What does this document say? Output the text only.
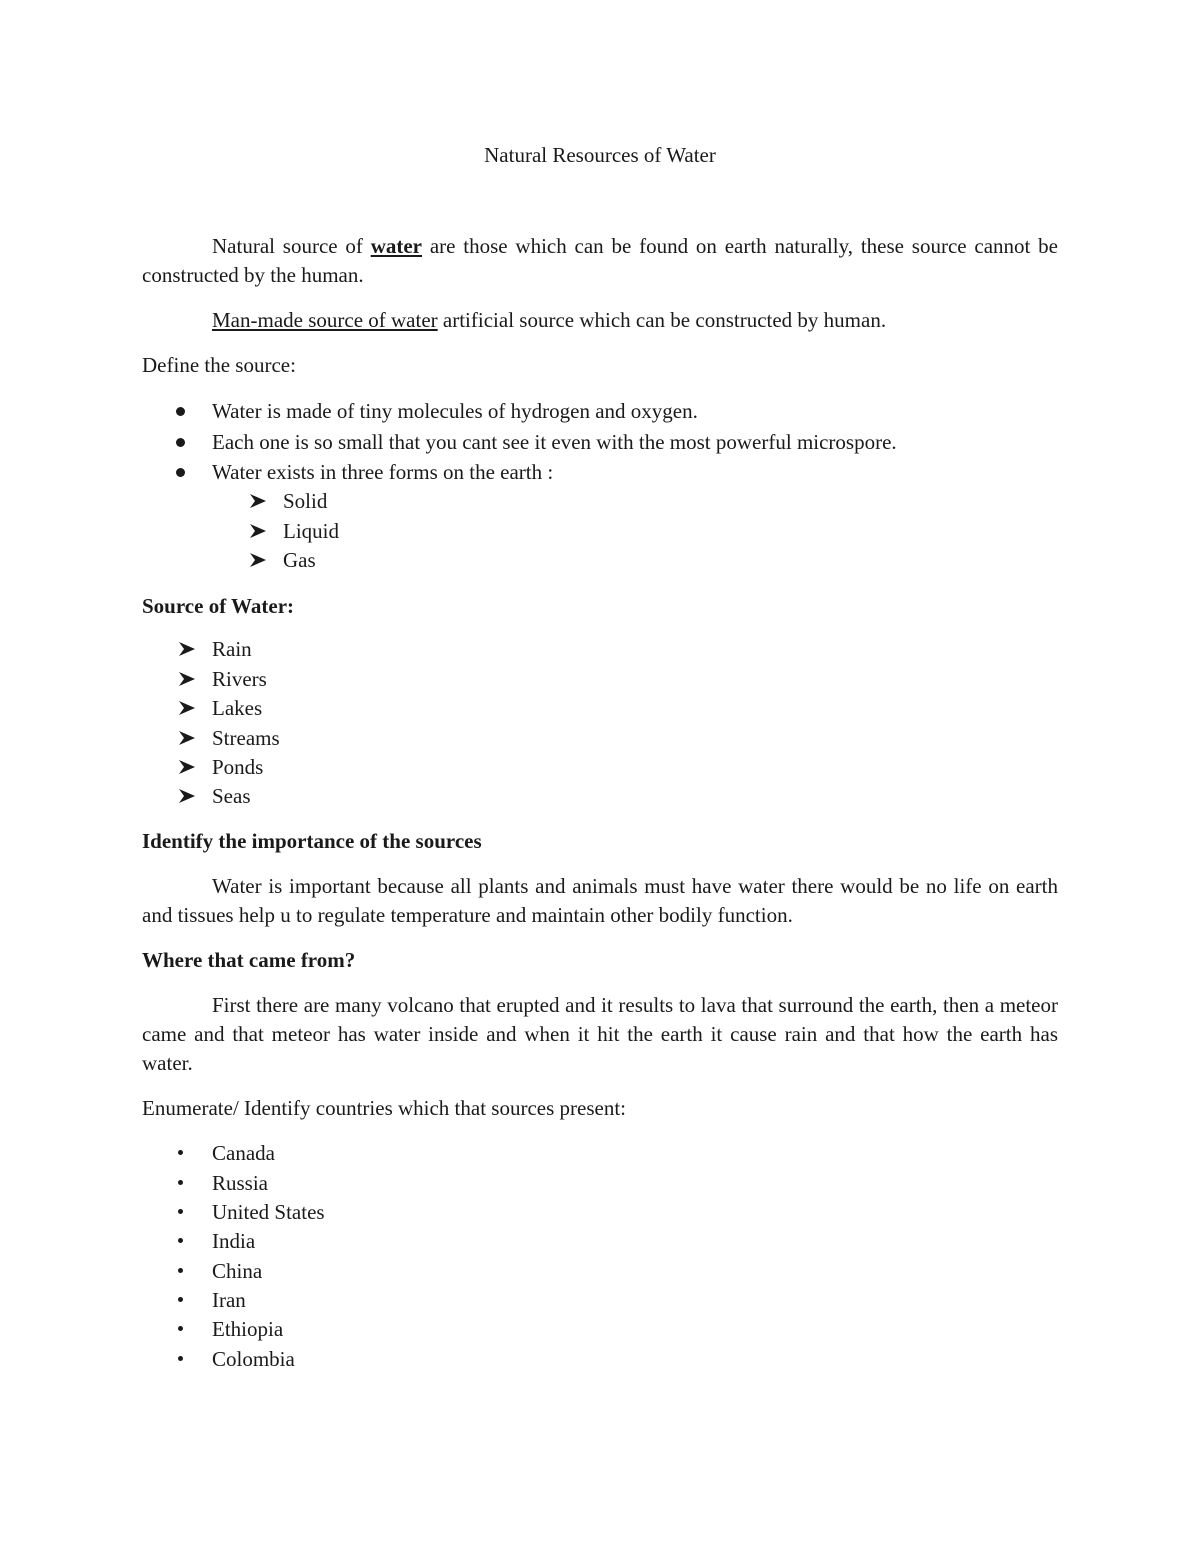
Natural Resources of Water
Natural source of water are those which can be found on earth naturally, these source cannot be constructed by the human.
Man-made source of water artificial source which can be constructed by human.
Define the source:
Water is made of tiny molecules of hydrogen and oxygen.
Each one is so small that you cant see it even with the most powerful microspore.
Water exists in three forms on the earth :
Solid
Liquid
Gas
Source of Water:
Rain
Rivers
Lakes
Streams
Ponds
Seas
Identify the importance of the sources
Water is important because all plants and animals must have water there would be no life on earth and tissues help u to regulate temperature and maintain other bodily function.
Where that came from?
First there are many volcano that erupted and it results to lava that surround the earth, then a meteor came and that meteor has water inside and when it hit the earth it cause rain and that how the earth has water.
Enumerate/ Identify countries which that sources present:
Canada
Russia
United States
India
China
Iran
Ethiopia
Colombia
